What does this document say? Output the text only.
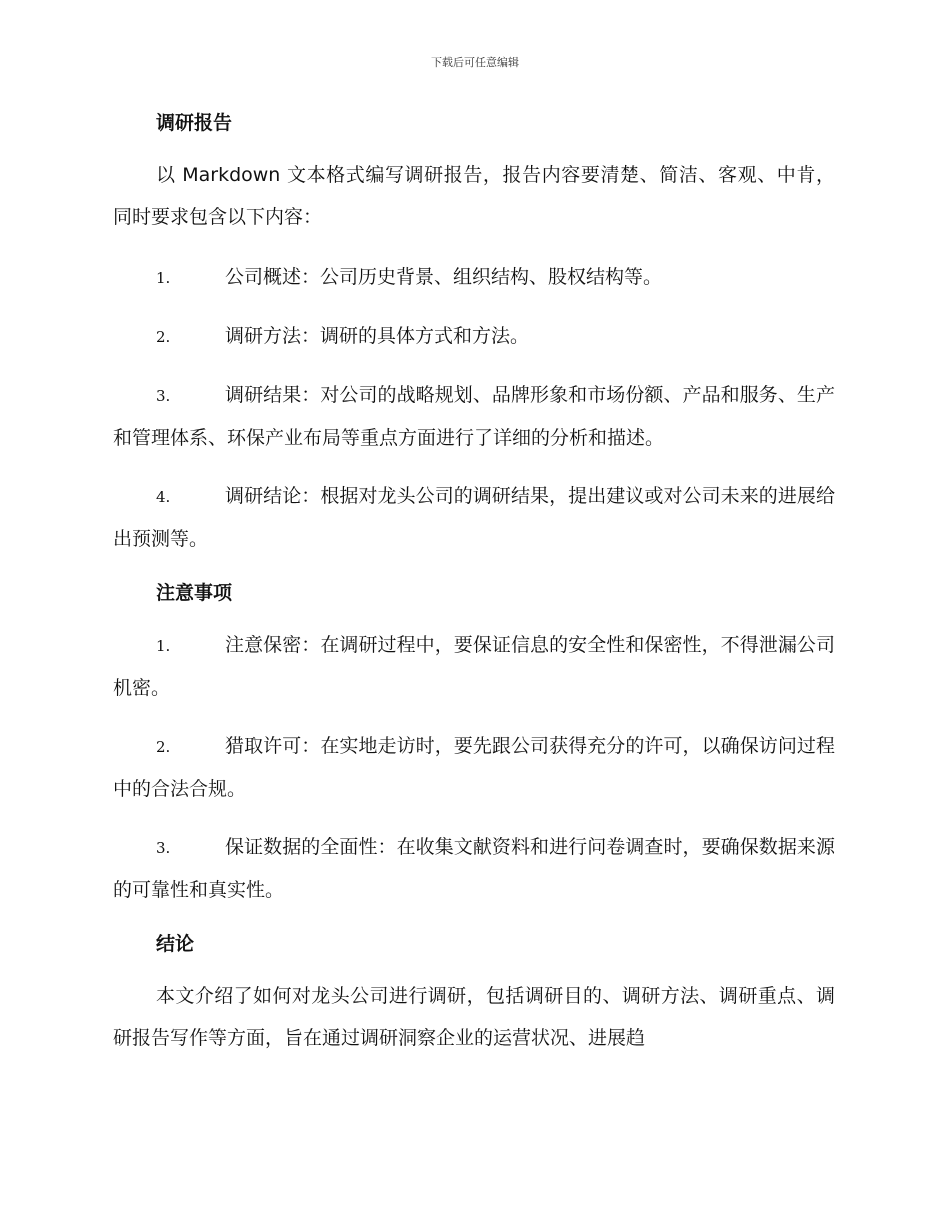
下载后可任意编辑
调研报告

以 Markdown 文本格式编写调研报告，报告内容要清楚、简洁、客观、中肯，同时要求包含以下内容：

1.	公司概述：公司历史背景、组织结构、股权结构等。

2.	调研方法：调研的具体方式和方法。

3.	调研结果：对公司的战略规划、品牌形象和市场份额、产品和服务、生产和管理体系、环保产业布局等重点方面进行了详细的分析和描述。

4.	调研结论：根据对龙头公司的调研结果，提出建议或对公司未来的进展给出预测等。

注意事项

1.	注意保密：在调研过程中，要保证信息的安全性和保密性，不得泄漏公司机密。

2.	猎取许可：在实地走访时，要先跟公司获得充分的许可，以确保访问过程中的合法合规。

3.	保证数据的全面性：在收集文献资料和进行问卷调查时，要确保数据来源的可靠性和真实性。

结论

本文介绍了如何对龙头公司进行调研，包括调研目的、调研方法、调研重点、调研报告写作等方面，旨在通过调研洞察企业的运营状况、进展趋
